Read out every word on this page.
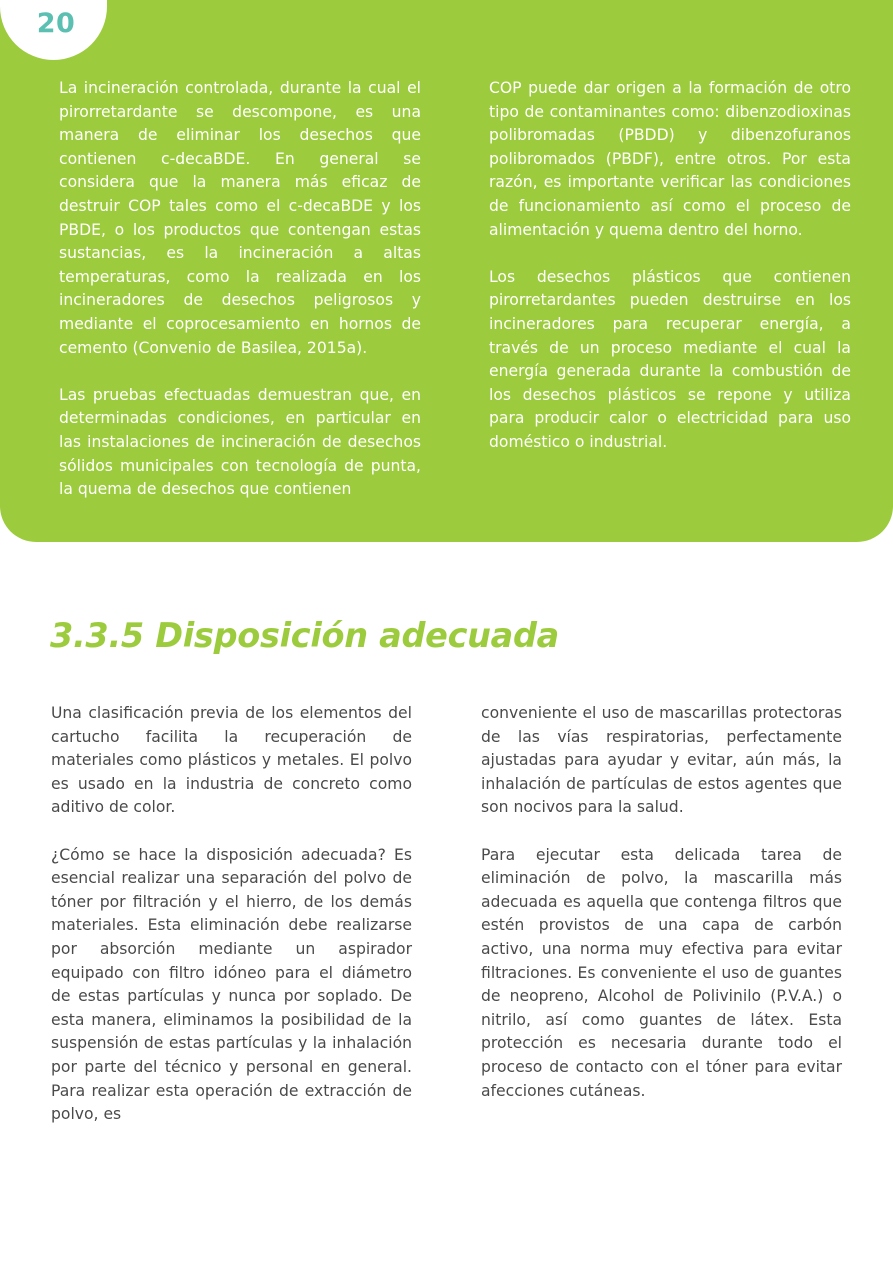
20

La incineración controlada, durante la cual el pirorretardante se descompone, es una manera de eliminar los desechos que contienen c-decaBDE. En general se considera que la manera más eficaz de destruir COP tales como el c-decaBDE y los PBDE, o los productos que contengan estas sustancias, es la incineración a altas temperaturas, como la realizada en los incineradores de desechos peligrosos y mediante el coprocesamiento en hornos de cemento (Convenio de Basilea, 2015a).

Las pruebas efectuadas demuestran que, en determinadas condiciones, en particular en las instalaciones de incineración de desechos sólidos municipales con tecnología de punta, la quema de desechos que contienen

COP puede dar origen a la formación de otro tipo de contaminantes como: dibenzodioxinas polibromadas (PBDD) y dibenzofuranos polibromados (PBDF), entre otros. Por esta razón, es importante verificar las condiciones de funcionamiento así como el proceso de alimentación y quema dentro del horno.

Los desechos plásticos que contienen pirorretardantes pueden destruirse en los incineradores para recuperar energía, a través de un proceso mediante el cual la energía generada durante la combustión de los desechos plásticos se repone y utiliza para producir calor o electricidad para uso doméstico o industrial.

3.3.5 Disposición adecuada

Una clasificación previa de los elementos del cartucho facilita la recuperación de materiales como plásticos y metales. El polvo es usado en la industria de concreto como aditivo de color.

¿Cómo se hace la disposición adecuada? Es esencial realizar una separación del polvo de tóner por filtración y el hierro, de los demás materiales. Esta eliminación debe realizarse por absorción mediante un aspirador equipado con filtro idóneo para el diámetro de estas partículas y nunca por soplado. De esta manera, eliminamos la posibilidad de la suspensión de estas partículas y la inhalación por parte del técnico y personal en general. Para realizar esta operación de extracción de polvo, es

conveniente el uso de mascarillas protectoras de las vías respiratorias, perfectamente ajustadas para ayudar y evitar, aún más, la inhalación de partículas de estos agentes que son nocivos para la salud.

Para ejecutar esta delicada tarea de eliminación de polvo, la mascarilla más adecuada es aquella que contenga filtros que estén provistos de una capa de carbón activo, una norma muy efectiva para evitar filtraciones. Es conveniente el uso de guantes de neopreno, Alcohol de Polivinilo (P.V.A.) o nitrilo, así como guantes de látex. Esta protección es necesaria durante todo el proceso de contacto con el tóner para evitar afecciones cutáneas.
